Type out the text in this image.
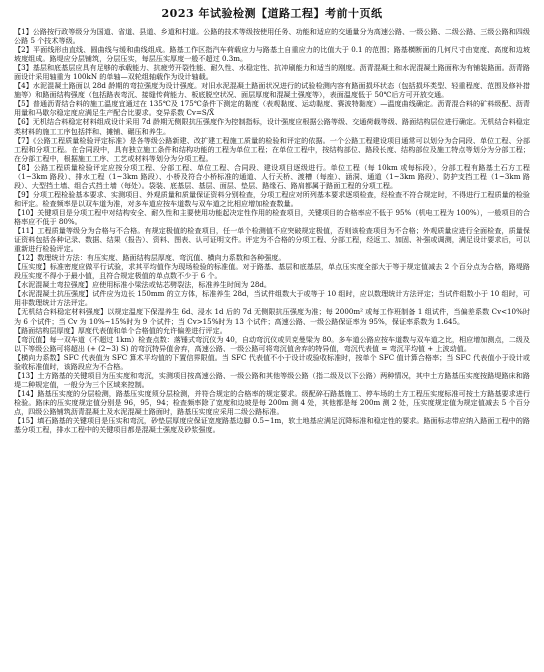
2023 年试验检测【道路工程】考前十页纸
【1】公路按行政等级分为国道、省道、县道、乡道和村道。公路的技术等级按使用任务、功能和适应的交通量分为高速公路、一级公路、二级公路、三级公路和四级公路 5 个技术等级。
【2】平面线形由直线、圆曲线与缓和曲线组成。路基工作区指汽车荷载应力与路基土自重应力的比值大于 0.1 的范围；路基横断面的几何尺寸由宽度、高度和边坡坡度组成。路堤应分层铺筑，分层压实，每层压实厚度一般不超过 0.3m。
【3】基层和底基层应具有足够的承载能力、抗疲劳开裂性能、耐久性、水稳定性、抗冲刷能力和适当的刚度。沥青混凝土和水泥混凝土路面称为有铺装路面。沥青路面设计采用轴重为 100kN 的单轴—双轮组轴载作为设计轴载。
【4】水泥混凝土路面以 28d 龄期的弯拉强度为设计强度。对旧水泥混凝土路面状况进行的试验检测内容有路面损坏状态（包括损坏类型、轻重程度、范围及修补措施等）和路面结构强度（包括路表弯沉、接缝传荷能力、板底脱空状况、面层厚度和混凝土强度等），表面温度低于 50℃后方可开放交通。
【5】普通沥青结合料的施工温度宜通过在 135℃及 175℃条件下测定的黏度（表观黏度、运动黏度、赛波特黏度）—温度曲线确定。沥青混合料的矿料级配、沥青用量和马歇尔稳定度应满足生产配合比要求。变异系数 Cv=S/X̄
【6】无机结合料稳定材料组成设计采用 7d 龄期无侧限抗压强度作为控制指标，设计强度应根据公路等级、交通荷载等级、路面结构层位进行确定。无机结合料稳定类材料的施工工序包括拌和、摊铺、碾压和养生。
【7】《公路工程质量检验评定标准》是各等级公路新建、改扩建工程施工质量的检验和评定的依据。一个公路工程建设项目通常可以划分为合同段、单位工程、分部工程和分项工程。在合同段中，具有独立施工条件和结构功能的工程为单位工程；在单位工程中，按结构部位、路段长度、结构部位及施工特点等划分为分部工程；在分部工程中，根据施工工序、工艺或材料等划分为分项工程。
【8】公路工程质量检验评定应按分项工程、分部工程、单位工程、合同段、建设项目逐级进行。单位工程（每 10km 或每标段），分部工程有路基土石方工程（1~3km 路段）、排水工程（1~3km 路段）、小桥及符合小桥标准的通道、人行天桥、渡槽（每座）、涵洞、通道（1~3km 路段）、防护支挡工程（1~3km 路段）、大型挡土墙、组合式挡土墙（每处）。袋装、底基层、基层、面层、垫层、路缘石、路肩都属于路面工程的分项工程。
【9】分项工程检验基本要求、实测项目、外观质量和质量保证资料分别检查，分项工程应对所列基本要求逐项检查，经检查不符合规定时，不得进行工程质量的检验和评定。检查频率是以双车道为准，对多车道应按车道数与双车道之比相应增加检查数量。
【10】关键项目是分项工程中对结构安全、耐久性和主要使用功能起决定性作用的检查项目，关键项目的合格率应不低于 95%（机电工程为 100%），一般项目的合格率应不低于 80%。
【11】工程质量等级分为合格与不合格。有规定极值的检查项目，任一单个检测值不应突破规定极值，否则该检查项目为不合格；外观质量应进行全面检查，质量保证资料包括各种记录、数据、结果（报告）、资料、图表、认可证明文件。评定为不合格的分项工程、分部工程，经返工、加固、补强或调测，满足设计要求后，可以重新进行检验评定。
【12】数理统计方法：有压实度、路面结构层厚度、弯沉值、横向力系数和各种强度。
【压实度】标准密度应做平行试验，求其平均值作为现场检验的标准值。对于路基、基层和底基层，单点压实度全部大于等于规定值减去 2 个百分点为合格，路堤路段压实度不得小于最小值，且符合规定极值的单点数不少于 6 个。
【水泥混凝土弯拉强度】应使用标准小梁法或钻芯劈裂法，标准养生时间为 28d。
【水泥混凝土抗压强度】试件应为边长 150mm 的立方体，标准养生 28d，当试件组数大于或等于 10 组时，应以数理统计方法评定；当试件组数小于 10 组时，可用非数理统计方法评定。
【无机结合料稳定材料强度】以规定温度下保湿养生 6d、浸水 1d 后的 7d 无侧限抗压强度为准；每 2000m² 或每工作班制备 1 组试件，当偏差系数 Cv<10%时为 6 个试件；当 Cv 为 10%~15%时为 9 个试件；当 Cv>15%时为 13 个试件；高速公路、一级公路保证率为 95%，保证率系数为 1.645。
【路面结构层厚度】厚度代表值和单个合格值的允许偏差进行评定。
【弯沉值】每一双车道（不超过 1km）检查点数：落锤式弯沉仪为 40，自动弯沉仪或贝克曼梁为 80。多车道公路应按车道数与双车道之比，相应增加测点，二级及以下等级公路可将超出 (+ (2~3) S) 的弯沉特异值舍弃，高速公路、一级公路可将弯沉值舍弃的特异值，弯沉代表值 = 弯沉平均值 + 上波动值。
【横向力系数】SFC 代表值为 SFC 算术平均值的下置信界限值。当 SFC 代表值不小于设计或验收标准时，按单个 SFC 值计算合格率；当 SFC 代表值小于设计或验收标准值时，该路段应为不合格。
【13】土方路基的关键项目为压实度和弯沉，实测项目按高速公路、一级公路和其他等级公路（指二级及以下公路）两种情况，其中土方路基压实度按路堤路床和路堤二种规定值，一般分为三个区域来控制。
【14】路基压实度的分层检测，路基压实度须分层检测，并符合规定的合格率的规定要求。级配碎石路基施工、停车场的土方工程压实度标准可按土方路基要求进行检验。路床的压实度规定值分别是 96，95，94；检查频率除了宽度和边坡是每 200m 测 4 处，其他都是每 200m 测 2 处，压实度规定值为规定值减去 5 个百分点，四级公路铺筑沥青混凝土及水泥混凝土路面时，路基压实度应采用二级公路标准。
【15】填石路基的关键项目是压实和弯沉，砂垫层厚度应保证宽度路基边脚 0.5~1m，软土地基应满足沉降标准和稳定性的要求。路面标志带应纳入路面工程中的路基分项工程，排水工程中的关键项目都是混凝土强度及砂浆强度。
